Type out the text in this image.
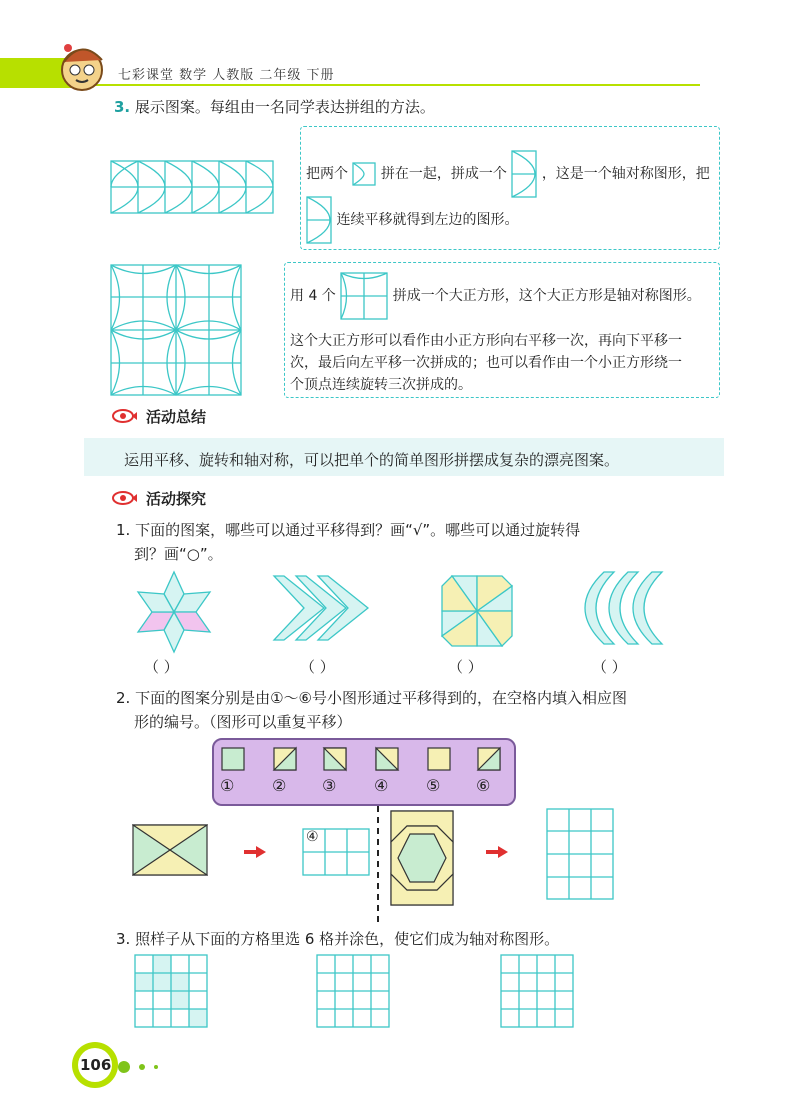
七彩课堂 数学 人教版 二年级 下册
3. 展示图案。每组由一名同学表达拼组的方法。
把两个 拼在一起，拼成一个 ，这是一个轴对称图形，把
连续平移就得到左边的图形。
用 4 个	拼成一个大正方形，这个大正方形是轴对称图形。
这个大正方形可以看作由小正方形向右平移一次，再向下平移一
次，最后向左平移一次拼成的；也可以看作由一个小正方形绕一
个顶点连续旋转三次拼成的。
活动总结
运用平移、旋转和轴对称，可以把单个的简单图形拼摆成复杂的漂亮图案。
活动探究
1. 下面的图案，哪些可以通过平移得到？画“√”。哪些可以通过旋转得
到？画“○”。
（ ）	（ ）	（ ）	（ ）
2. 下面的图案分别是由①～⑥号小图形通过平移得到的，在空格内填入相应图
形的编号。（图形可以重复平移）
① ② ③ ④ ⑤ ⑥
④
3. 照样子从下面的方格里选 6 格并涂色，使它们成为轴对称图形。
106
